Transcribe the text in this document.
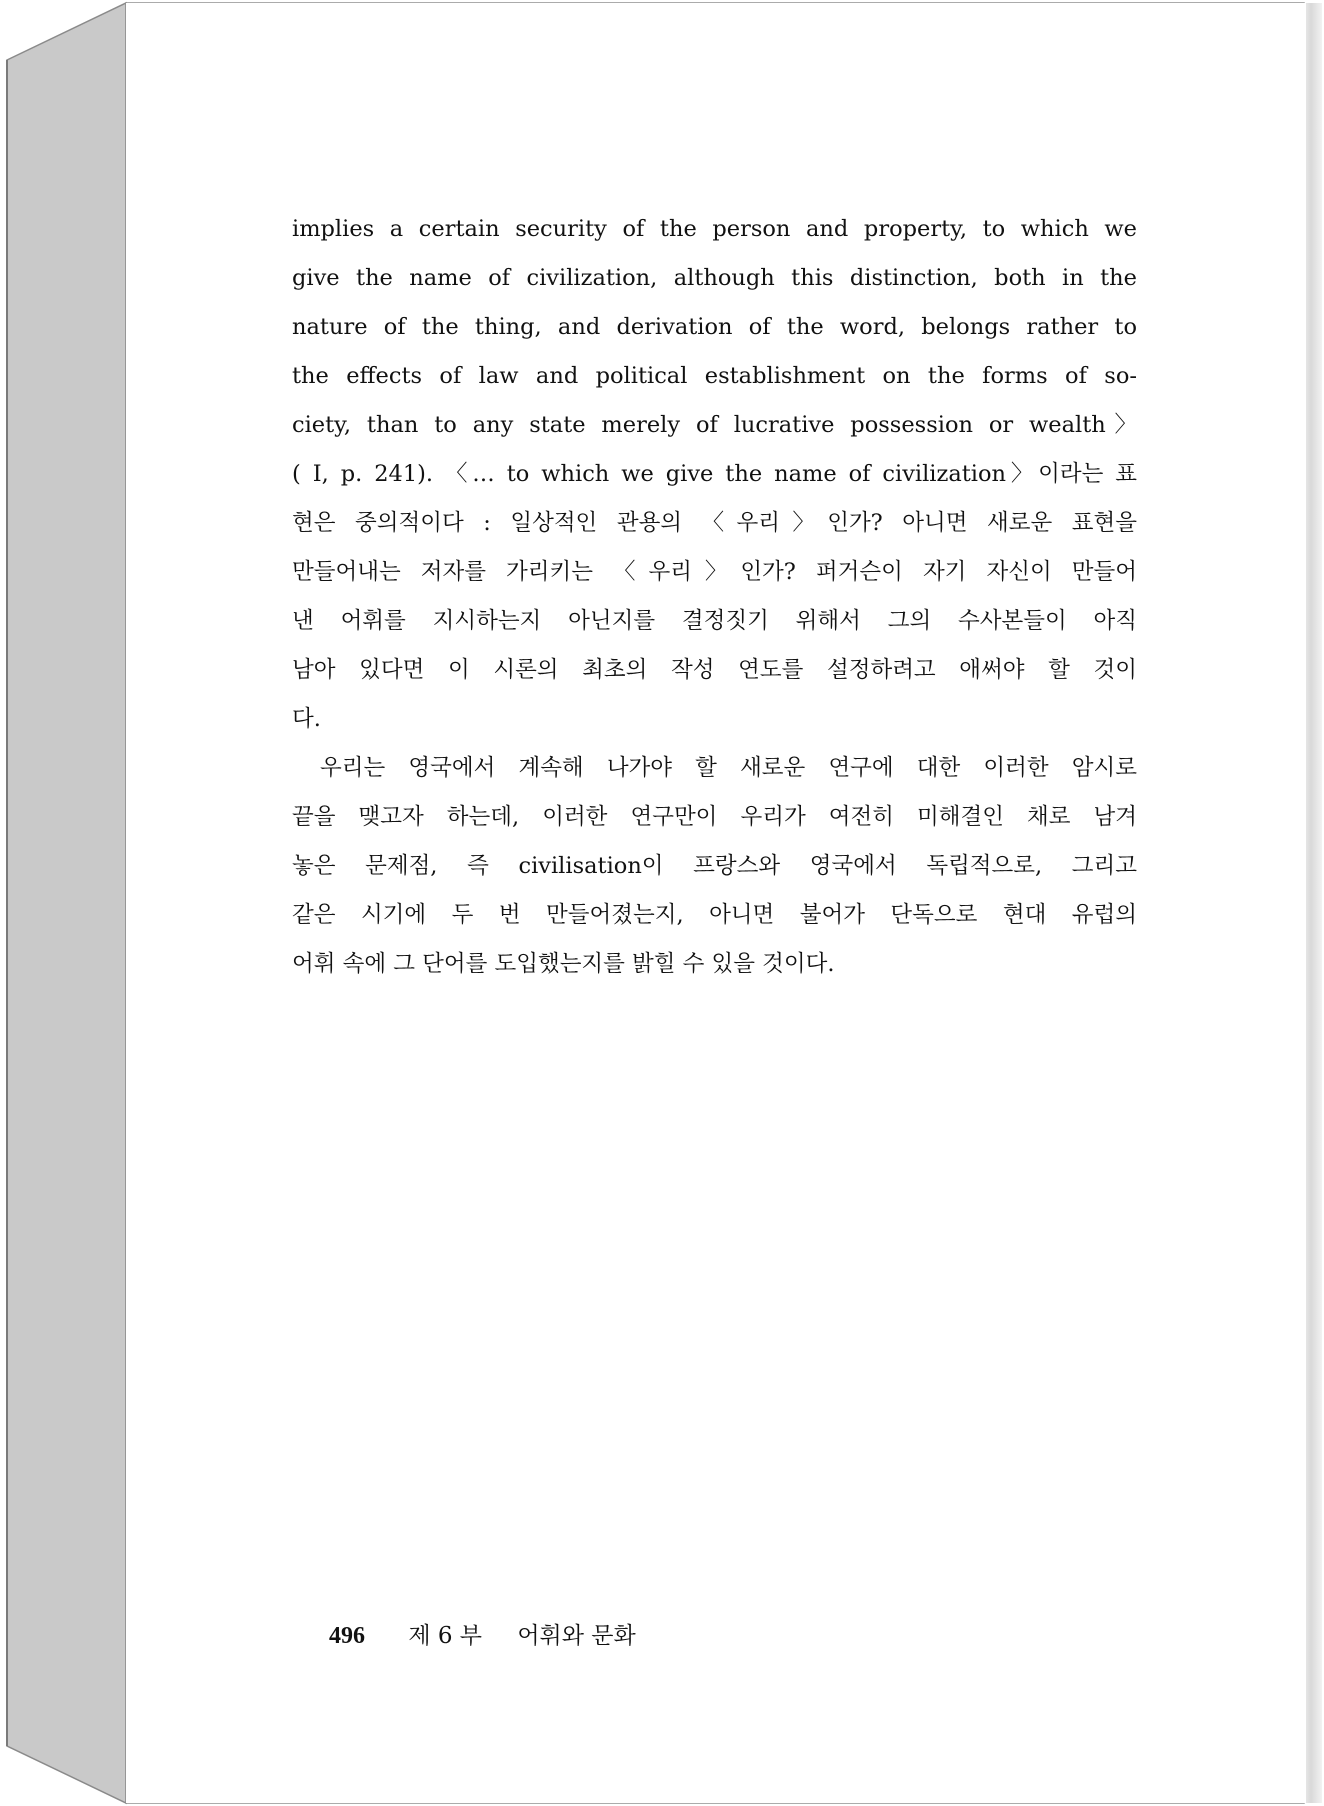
implies a certain security of the person and property, to which we
give the name of civilization, although this distinction, both in the
nature of the thing, and derivation of the word, belongs rather to
the effects of law and political establishment on the forms of so-
ciety, than to any state merely of lucrative possession or wealth〉
( I, p. 241). 〈… to which we give the name of civilization〉이라는 표
현은 중의적이다 : 일상적인 관용의 〈우리〉인가? 아니면 새로운 표현을
만들어내는 저자를 가리키는 〈우리〉인가? 퍼거슨이 자기 자신이 만들어
낸 어휘를 지시하는지 아닌지를 결정짓기 위해서 그의 수사본들이 아직
남아 있다면 이 시론의 최초의 작성 연도를 설정하려고 애써야 할 것이
다.
우리는 영국에서 계속해 나가야 할 새로운 연구에 대한 이러한 암시로
끝을 맺고자 하는데, 이러한 연구만이 우리가 여전히 미해결인 채로 남겨
놓은 문제점, 즉 civilisation이 프랑스와 영국에서 독립적으로, 그리고
같은 시기에 두 번 만들어졌는지, 아니면 불어가 단독으로 현대 유럽의
어휘 속에 그 단어를 도입했는지를 밝힐 수 있을 것이다.
496 제 6 부 어휘와 문화
